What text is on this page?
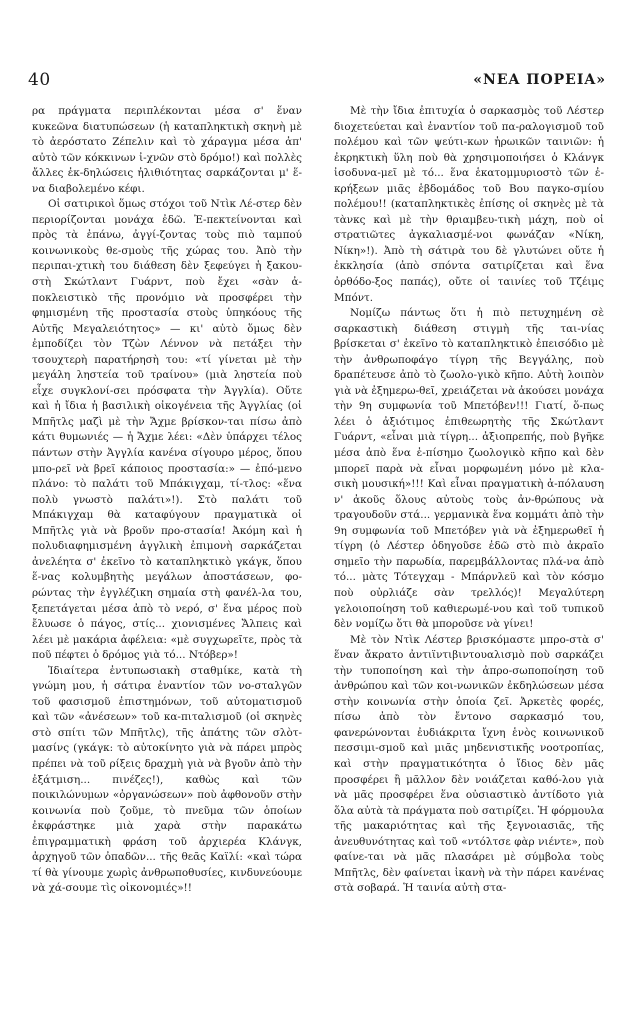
40	«ΝΕΑ ΠΟΡΕΙΑ»

ρα πράγματα περιπλέκονται μέσα σ' ἕναν κυκεῶνα διατυπώσεων (ἡ καταπληκτικὴ σκηνὴ μὲ τὸ ἀερόστατο Ζέπελιν καὶ τὸ χάραγμα μέσα ἀπ' αὐτὸ τῶν κόκκινων ἰ-χνῶν στὸ δρόμο!) καὶ πολλὲς ἄλλες ἐκ-δηλώσεις ἠλιθιότητας σαρκάζονται μ' ἕ-να διαβολεμένο κέφι.

Οἱ σατιρικοὶ ὅμως στόχοι τοῦ Ντὶκ Λέ-στερ δὲν περιορίζονται μονάχα ἐδῶ. Ἐ-πεκτείνονται καὶ πρὸς τὰ ἐπάνω, ἀγγί-ζοντας τοὺς πιὸ ταμπού κοινωνικοὺς θε-σμοὺς τῆς χώρας του. Ἀπὸ τὴν περιπαι-χτικὴ του διάθεση δὲν ξεφεύγει ἡ ξακου-στὴ Σκώτλαντ Γυάρντ, ποὺ ἔχει «σὰν ἀ-ποκλειστικὸ τῆς προνόμιο νὰ προσφέρει τὴν φημισμένη τῆς προστασία στοὺς ὑπηκόους τῆς Αὐτῆς Μεγαλειότητος» — κι' αὐτὸ ὅμως δὲν ἐμποδίζει τὸν Τζὼν Λέννον νὰ πετάξει τὴν τσουχτερὴ παρατήρησὴ του: «τί γίνεται μὲ τὴν μεγάλη ληστεία τοῦ τραίνου» (μιὰ ληστεία ποὺ εἶχε συγκλονί-σει πρόσφατα τὴν Ἀγγλία). Οὔτε καὶ ἡ ἴδια ἡ βασιλικὴ οἰκογένεια τῆς Ἀγγλίας (οἱ Μπῆτλς μαζὶ μὲ τὴν Ἄχμε βρίσκον-ται πίσω ἀπὸ κάτι θυμωνιές — ἡ Ἄχμε λέει: «Δὲν ὑπάρχει τέλος πάντων στὴν Ἀγγλία κανένα σίγουρο μέρος, ὅπου μπο-ρεῖ νὰ βρεῖ κάποιος προστασία:» — ἐπό-μενο πλάνο: τὸ παλάτι τοῦ Μπάκιγχαμ, τί-τλος: «ἕνα πολὺ γνωστὸ παλάτι»!). Στὸ παλάτι τοῦ Μπάκιγχαμ θὰ καταφύγουν πραγματικὰ οἱ Μπῆτλς γιὰ νὰ βροῦν προ-στασία! Ἀκόμη καὶ ἡ πολυδιαφημισμένη ἀγγλικὴ ἐπιμονὴ σαρκάζεται ἀνελέητα σ' ἐκεῖνο τὸ καταπληκτικὸ γκάγκ, ὅπου ἕ-νας κολυμβητὴς μεγάλων ἀποστάσεων, φο-ρώντας τὴν ἐγγλέζικη σημαία στὴ φανέλ-λα του, ξεπετάγεται μέσα ἀπὸ τὸ νερό, σ' ἕνα μέρος ποὺ ἔλυωσε ὁ πάγος, στίς... χιονισμένες Ἄλπεις καὶ λέει μὲ μακάρια ἀφέλεια: «μὲ συγχωρεῖτε, πρὸς τὰ ποῦ πέφτει ὁ δρόμος γιὰ τό... Ντόβερ»!

Ἰδιαίτερα ἐντυπωσιακὴ σταθμίκε, κατὰ τὴ γνώμη μου, ἡ σάτιρα ἐναντίον τῶν νο-σταλγῶν τοῦ φασισμοῦ ἐπιστημόνων, τοῦ αὐτοματισμοῦ καὶ τῶν «ἀνέσεων» τοῦ κα-πιταλισμοῦ (οἱ σκηνὲς στὸ σπίτι τῶν Μπῆτλς), τῆς ἀπάτης τῶν σλὸτ-μασίνς (γκάγκ: τὸ αὐτοκίνητο γιὰ νὰ πάρει μπρὸς πρέπει νὰ τοῦ ρίξεις δραχμὴ γιὰ νὰ βγοῦν ἀπὸ τὴν ἐξάτμιση... πινέζες!), καθὼς καὶ τῶν ποικιλώνυμων «ὀργανώσεων» ποὺ ἀφθονοῦν στὴν κοινωνία ποὺ ζοῦμε, τὸ πνεῦμα τῶν ὁποίων ἐκφράστηκε μιὰ χαρὰ στὴν παρακάτω ἐπιγραμματικὴ φράση τοῦ ἀρχιερέα Κλάνγκ, ἀρχηγοῦ τῶν ὀπαδῶν... τῆς θεᾶς Καϊλί: «καὶ τώρα τί θὰ γίνουμε χωρὶς ἀνθρωποθυσίες, κινδυνεύουμε νὰ χά-σουμε τὶς οἰκονομιές»!!

Μὲ τὴν ἴδια ἐπιτυχία ὁ σαρκασμὸς τοῦ Λέστερ διοχετεύεται καὶ ἐναντίον τοῦ πα-ραλογισμοῦ τοῦ πολέμου καὶ τῶν ψεύτι-κων ἡρωικῶν ταινιῶν: ἡ ἐκρηκτικὴ ὕλη ποὺ θὰ χρησιμοποιήσει ὁ Κλάνγκ ἰσοδυνα-μεῖ μὲ τό... ἕνα ἑκατομμυριοστὸ τῶν ἐ-κρήξεων μιᾶς ἑβδομάδος τοῦ Βου παγκο-σμίου πολέμου!! (καταπληκτικὲς ἐπίσης οἱ σκηνὲς μὲ τὰ τὰνκς καὶ μὲ τὴν θριαμβευ-τικὴ μάχη, ποὺ οἱ στρατιῶτες ἀγκαλιασμέ-νοι φωνάζαν «Νίκη, Νίκη»!). Ἀπὸ τὴ σάτιρὰ του δὲ γλυτώνει οὔτε ἡ ἐκκλησία (ἀπὸ σπόντα σατιρίζεται καὶ ἕνα ὀρθόδο-ξος παπάς), οὔτε οἱ ταινίες τοῦ Τζέιμς Μπόντ.

Νομίζω πάντως ὅτι ἡ πιὸ πετυχημένη σὲ σαρκαστικὴ διάθεση στιγμὴ τῆς ται-νίας βρίσκεται σ' ἐκεῖνο τὸ καταπληκτικὸ ἐπεισόδιο μὲ τὴν ἀνθρωποφάγο τίγρη τῆς Βεγγάλης, ποὺ δραπέτευσε ἀπὸ τὸ ζωολο-γικὸ κῆπο. Αὐτὴ λοιπὸν γιὰ νὰ ἐξημερω-θεῖ, χρειάζεται νὰ ἀκούσει μονάχα τὴν 9η συμφωνία τοῦ Μπετόβεν!!! Γιατί, ὅ-πως λέει ὁ ἀξιότιμος ἐπιθεωρητὴς τῆς Σκώτλαντ Γυάρντ, «εἶναι μιὰ τίγρη... ἀξιοπρεπής, ποὺ βγῆκε μέσα ἀπὸ ἕνα ἐ-πίσημο ζωολογικὸ κῆπο καὶ δὲν μπορεῖ παρὰ νὰ εἶναι μορφωμένη μόνο μὲ κλα-σικὴ μουσική»!!! Καὶ εἶναι πραγματικὴ ἀ-πόλαυση ν' ἀκοῦς ὅλους αὐτοὺς τοὺς ἀν-θρώπους νὰ τραγουδοῦν στά... γερμανικὰ ἕνα κομμάτι ἀπὸ τὴν 9η συμφωνία τοῦ Μπετόβεν γιὰ νὰ ἐξημερωθεῖ ἡ τίγρη (ὁ Λέστερ ὁδηγοῦσε ἐδῶ στὸ πιὸ ἀκραῖο σημεῖο τὴν παρωδία, παρεμβάλλοντας πλά-να ἀπὸ τό... μὰτς Τότεγχαμ - Μπάρνλεϋ καὶ τὸν κόσμο ποὺ οὐρλιάζε σὰν τρελλός)! Μεγαλύτερη γελοιοποίηση τοῦ καθιερωμέ-νου καὶ τοῦ τυπικοῦ δὲν νομίζω ὅτι θὰ μποροῦσε νὰ γίνει!

Μὲ τὸν Ντὶκ Λέστερ βρισκόμαστε μπρο-στὰ σ' ἕναν ἄκρατο ἀντιϊντιβιντουαλισμὸ ποὺ σαρκάζει τὴν τυποποίηση καὶ τὴν ἀπρο-σωποποίηση τοῦ ἀνθρώπου καὶ τῶν κοι-νωνικῶν ἐκδηλώσεων μέσα στὴν κοινωνία στὴν ὁποία ζεῖ. Ἀρκετὲς φορές, πίσω ἀπὸ τὸν ἔντονο σαρκασμό του, φανερώνονται ἐυδιάκριτα ἴχνη ἑνὸς κοινωνικοῦ πεσσιμι-σμοῦ καὶ μιᾶς μηδενιστικῆς νοοτροπίας, καὶ στὴν πραγματικότητα ὁ ἴδιος δὲν μᾶς προσφέρει ἢ μᾶλλον δὲν νοιάζεται καθό-λου γιὰ νὰ μᾶς προσφέρει ἕνα οὐσιαστικὸ ἀντίδοτο γιὰ ὅλα αὐτὰ τὰ πράγματα ποὺ σατιρίζει. Ἡ φόρμουλα τῆς μακαριότητας καὶ τῆς ξεγνοιασιᾶς, τῆς ἀνευθυνότητας καὶ τοῦ «ντόλτσε φὰρ νιέντε», ποὺ φαίνε-ται νὰ μᾶς πλασάρει μὲ σύμβολα τοὺς Μπῆτλς, δὲν φαίνεται ἱκανὴ νὰ τὴν πάρει κανένας στὰ σοβαρά. Ἡ ταινία αὐτὴ στα-
